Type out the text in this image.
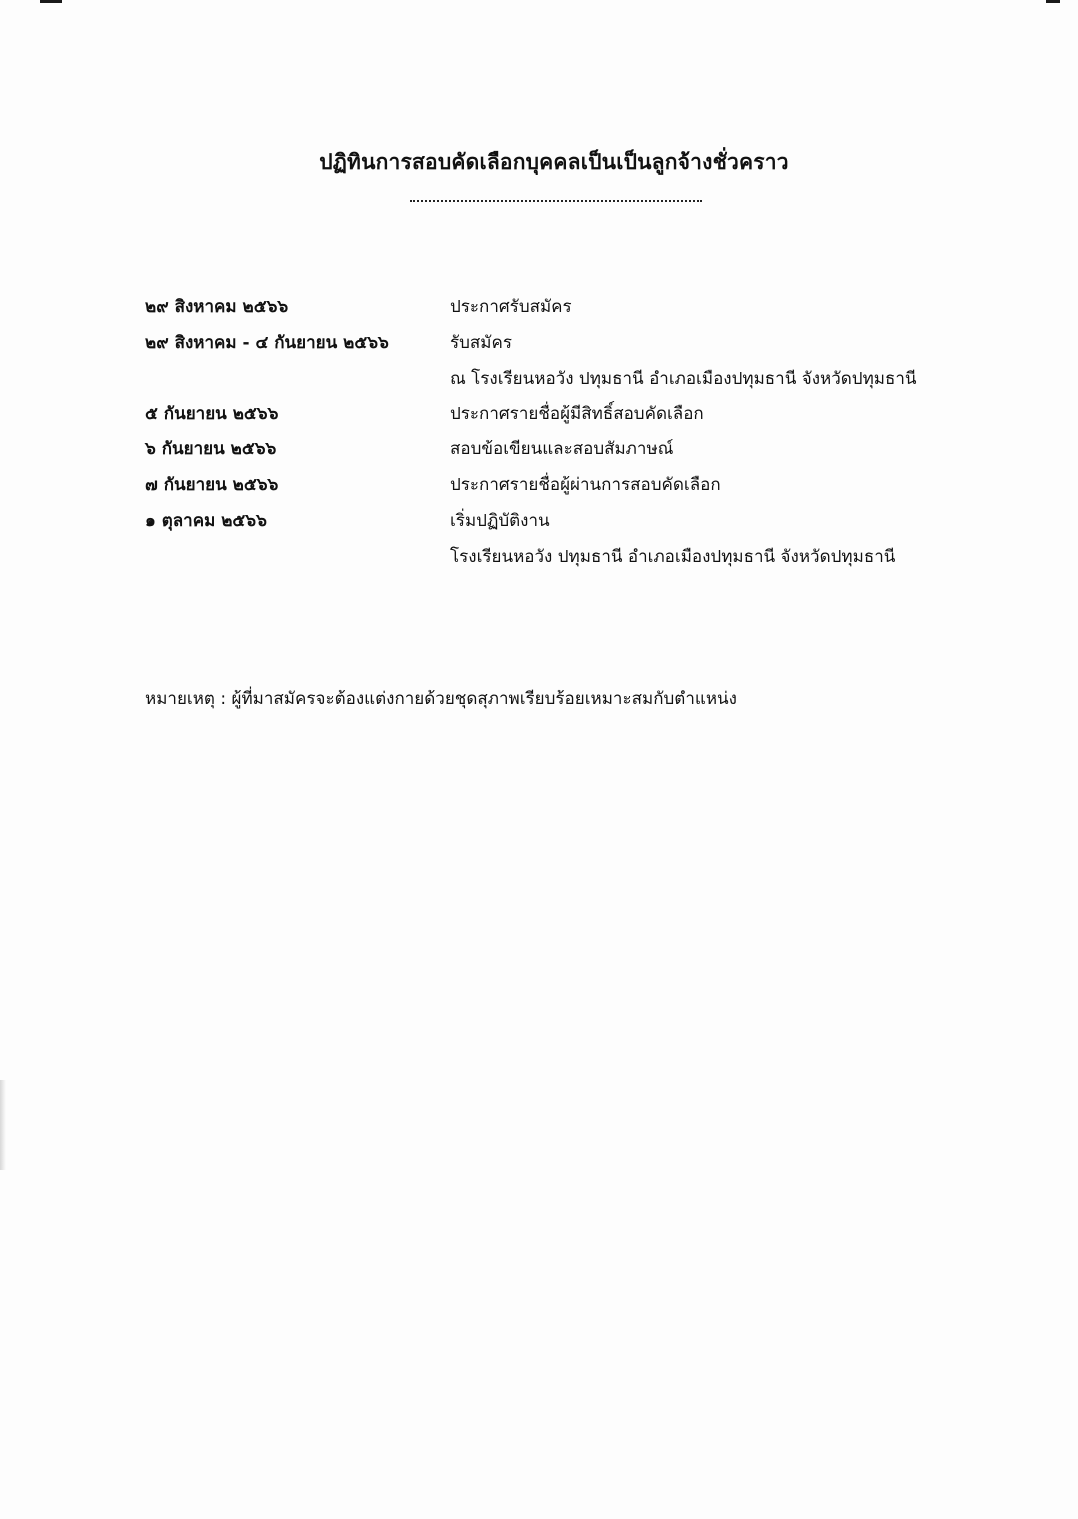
ปฏิทินการสอบคัดเลือกบุคคลเป็นเป็นลูกจ้างชั่วคราว
๒๙ สิงหาคม ๒๕๖๖	ประกาศรับสมัคร
๒๙ สิงหาคม - ๔ กันยายน ๒๕๖๖	รับสมัคร
ณ โรงเรียนหอวัง ปทุมธานี อำเภอเมืองปทุมธานี จังหวัดปทุมธานี
๕ กันยายน ๒๕๖๖	ประกาศรายชื่อผู้มีสิทธิ์สอบคัดเลือก
๖ กันยายน ๒๕๖๖	สอบข้อเขียนและสอบสัมภาษณ์
๗ กันยายน ๒๕๖๖	ประกาศรายชื่อผู้ผ่านการสอบคัดเลือก
๑ ตุลาคม ๒๕๖๖	เริ่มปฏิบัติงาน
โรงเรียนหอวัง ปทุมธานี อำเภอเมืองปทุมธานี จังหวัดปทุมธานี
หมายเหตุ : ผู้ที่มาสมัครจะต้องแต่งกายด้วยชุดสุภาพเรียบร้อยเหมาะสมกับตำแหน่ง
